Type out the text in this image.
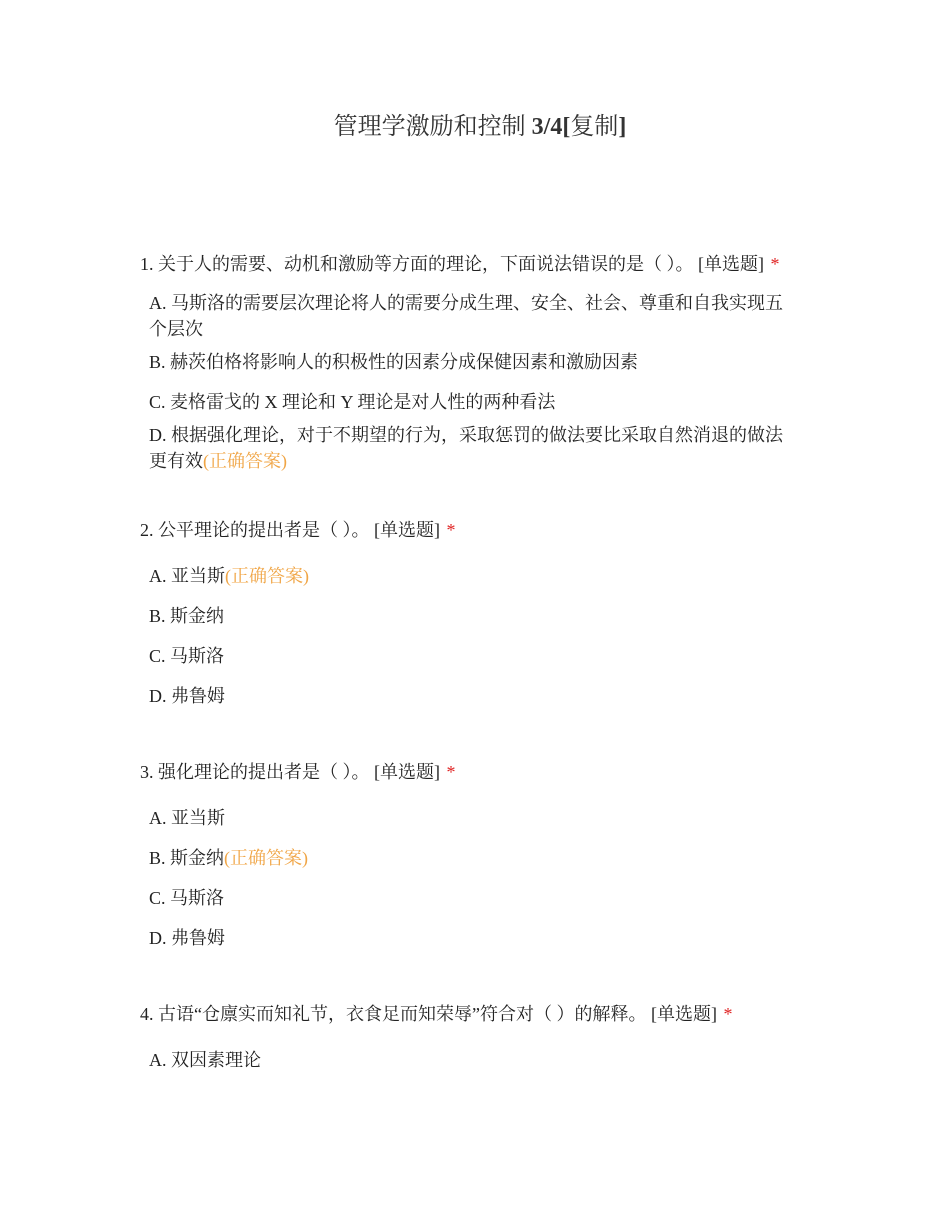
管理学激励和控制 3/4[复制]
1. 关于人的需要、动机和激励等方面的理论，下面说法错误的是（ ）。 [单选题] *
A. 马斯洛的需要层次理论将人的需要分成生理、安全、社会、尊重和自我实现五个层次
B. 赫茨伯格将影响人的积极性的因素分成保健因素和激励因素
C. 麦格雷戈的 X 理论和 Y 理论是对人性的两种看法
D. 根据强化理论，对于不期望的行为，采取惩罚的做法要比采取自然消退的做法更有效(正确答案)
2. 公平理论的提出者是（ ）。 [单选题] *
A. 亚当斯(正确答案)
B. 斯金纳
C. 马斯洛
D. 弗鲁姆
3. 强化理论的提出者是（ ）。 [单选题] *
A. 亚当斯
B. 斯金纳(正确答案)
C. 马斯洛
D. 弗鲁姆
4. 古语“仓廪实而知礼节，衣食足而知荣辱”符合对（ ）的解释。 [单选题] *
A. 双因素理论
